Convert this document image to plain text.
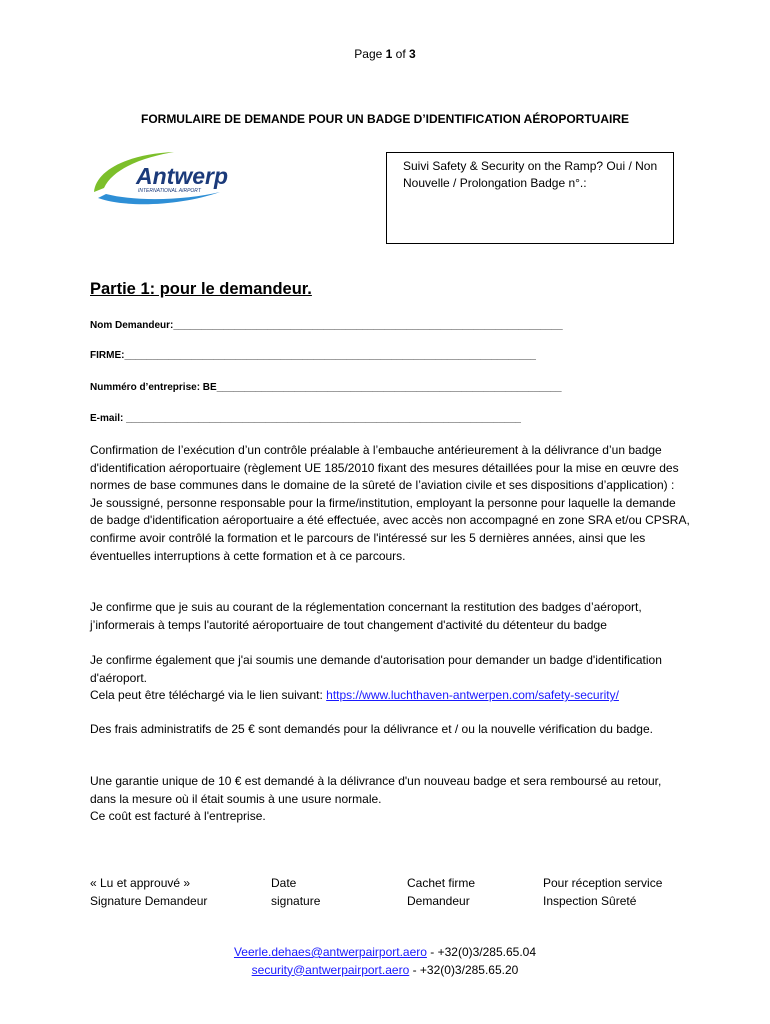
Page 1 of 3
FORMULAIRE DE DEMANDE POUR UN BADGE D’IDENTIFICATION AÉROPORTUAIRE
Antwerp
INTERNATIONAL AIRPORT
Suivi Safety & Security on the Ramp? Oui / Non
Nouvelle / Prolongation Badge n°.:
Partie 1: pour le demandeur.
Nom Demandeur:______________________________________________________________________
FIRME:__________________________________________________________________________
Numméro d’entreprise: BE______________________________________________________________
E-mail: _______________________________________________________________________

Confirmation de l’exécution d’un contrôle préalable à l’embauche antérieurement à la délivrance d’un badge d'identification aéroportuaire (règlement UE 185/2010 fixant des mesures détaillées pour la mise en œuvre des normes de base communes dans le domaine de la sûreté de l’aviation civile et ses dispositions d’application) : Je soussigné, personne responsable pour la firme/institution, employant la personne pour laquelle la demande de badge d'identification aéroportuaire a été effectuée, avec accès non accompagné en zone SRA et/ou CPSRA, confirme avoir contrôlé la formation et le parcours de l'intéressé sur les 5 dernières années, ainsi que les éventuelles interruptions à cette formation et à ce parcours.

Je confirme que je suis au courant de la réglementation concernant la restitution des badges d’aéroport, j’informerais à temps l'autorité aéroportuaire de tout changement d'activité du détenteur du badge

Je confirme également que j'ai soumis une demande d'autorisation pour demander un badge d'identification d'aéroport.

Cela peut être téléchargé via le lien suivant: https://www.luchthaven-antwerpen.com/safety-security/

Des frais administratifs de 25 € sont demandés pour la délivrance et / ou la nouvelle vérification du badge.

Une garantie unique de 10 € est demandé à la délivrance d'un nouveau badge et sera remboursé au retour, dans la mesure où il était soumis à une usure normale.

Ce coût est facturé à l'entreprise.

« Lu et approuvé »
Signature Demandeur
Date
signature
Cachet firme
Demandeur
Pour réception service
Inspection Sûreté
Veerle.dehaes@antwerpairport.aero - +32(0)3/285.65.04
security@antwerpairport.aero - +32(0)3/285.65.20
